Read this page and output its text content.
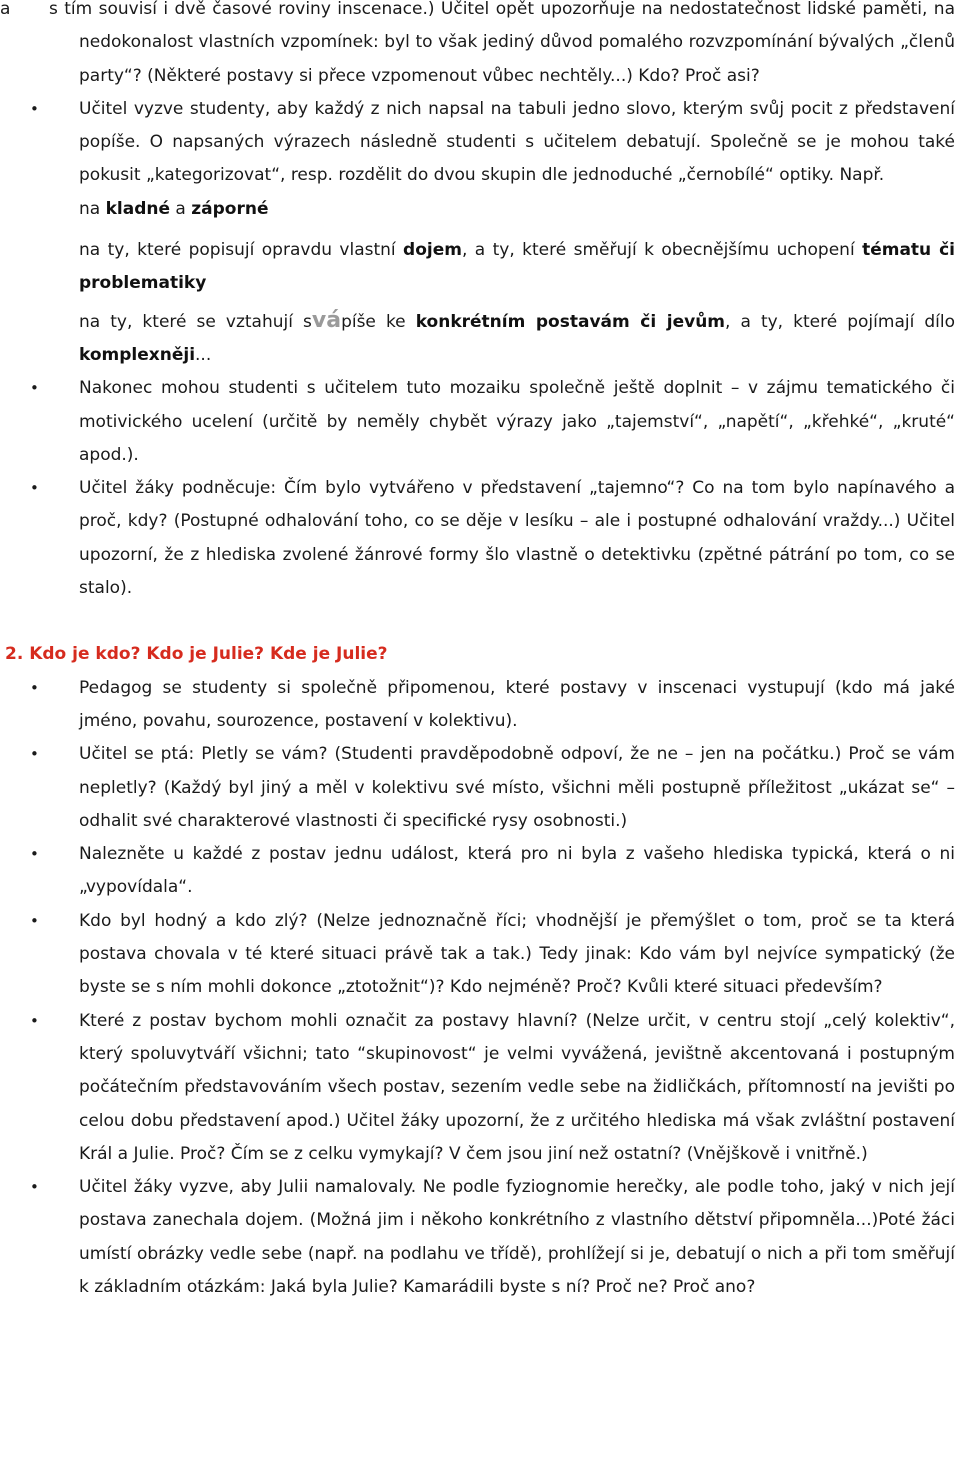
a s tím souvisí i dvě časové roviny inscenace.) Učitel opět upozorňuje na nedostatečnost lidské paměti, na nedokonalost vlastních vzpomínek: byl to však jediný důvod pomalého rozvzpomínání bývalých „členů party“? (Některé postavy si přece vzpomenout vůbec nechtěly...) Kdo? Proč asi?

• Učitel vyzve studenty, aby každý z nich napsal na tabuli jedno slovo, kterým svůj pocit z představení popíše. O napsaných výrazech následně studenti s učitelem debatují. Společně se je mohou také pokusit „kategorizovat“, resp. rozdělit do dvou skupin dle jednoduché „černobílé“ optiky. Např.
na kladné a záporné
na ty, které popisují opravdu vlastní dojem, a ty, které směřují k obecnějšímu uchopení tématu či problematiky
na ty, které se vztahují svápíše ke konkrétním postavám či jevům, a ty, které pojímají dílo komplexněji...
• Nakonec mohou studenti s učitelem tuto mozaiku společně ještě doplnit – v zájmu tematického či motivického ucelení (určitě by neměly chybět výrazy jako „tajemství“, „napětí“, „křehké“, „kruté“ apod.).
• Učitel žáky podněcuje: Čím bylo vytvářeno v představení „tajemno“? Co na tom bylo napínavého a proč, kdy? (Postupné odhalování toho, co se děje v lesíku – ale i postupné odhalování vraždy...) Učitel upozorní, že z hlediska zvolené žánrové formy šlo vlastně o detektivku (zpětné pátrání po tom, co se stalo).
2. Kdo je kdo? Kdo je Julie? Kde je Julie?
• Pedagog se studenty si společně připomenou, které postavy v inscenaci vystupují (kdo má jaké jméno, povahu, sourozence, postavení v kolektivu).
• Učitel se ptá: Pletly se vám? (Studenti pravděpodobně odpoví, že ne – jen na počátku.) Proč se vám nepletly? (Každý byl jiný a měl v kolektivu své místo, všichni měli postupně příležitost „ukázat se“ – odhalit své charakterové vlastnosti či specifické rysy osobnosti.)
• Nalezněte u každé z postav jednu událost, která pro ni byla z vašeho hlediska typická, která o ni „vypovídala“.
• Kdo byl hodný a kdo zlý? (Nelze jednoznačně říci; vhodnější je přemýšlet o tom, proč se ta která postava chovala v té které situaci právě tak a tak.) Tedy jinak: Kdo vám byl nejvíce sympatický (že byste se s ním mohli dokonce „ztotožnit“)? Kdo nejméně? Proč? Kvůli které situaci především?
• Které z postav bychom mohli označit za postavy hlavní? (Nelze určit, v centru stojí „celý kolektiv“, který spoluvytváří všichni; tato “skupinovost“ je velmi vyvážená, jevištně akcentovaná i postupným počátečním představováním všech postav, sezením vedle sebe na židličkách, přítomností na jevišti po celou dobu představení apod.) Učitel žáky upozorní, že z určitého hlediska má však zvláštní postavení Král a Julie. Proč? Čím se z celku vymykají? V čem jsou jiní než ostatní? (Vnějškově i vnitřně.)
• Učitel žáky vyzve, aby Julii namalovaly. Ne podle fyziognomie herečky, ale podle toho, jaký v nich její postava zanechala dojem. (Možná jim i někoho konkrétního z vlastního dětství připomněla...)Poté žáci umístí obrázky vedle sebe (např. na podlahu ve třídě), prohlížejí si je, debatují o nich a při tom směřují k základním otázkám: Jaká byla Julie? Kamarádili byste s ní? Proč ne? Proč ano?
